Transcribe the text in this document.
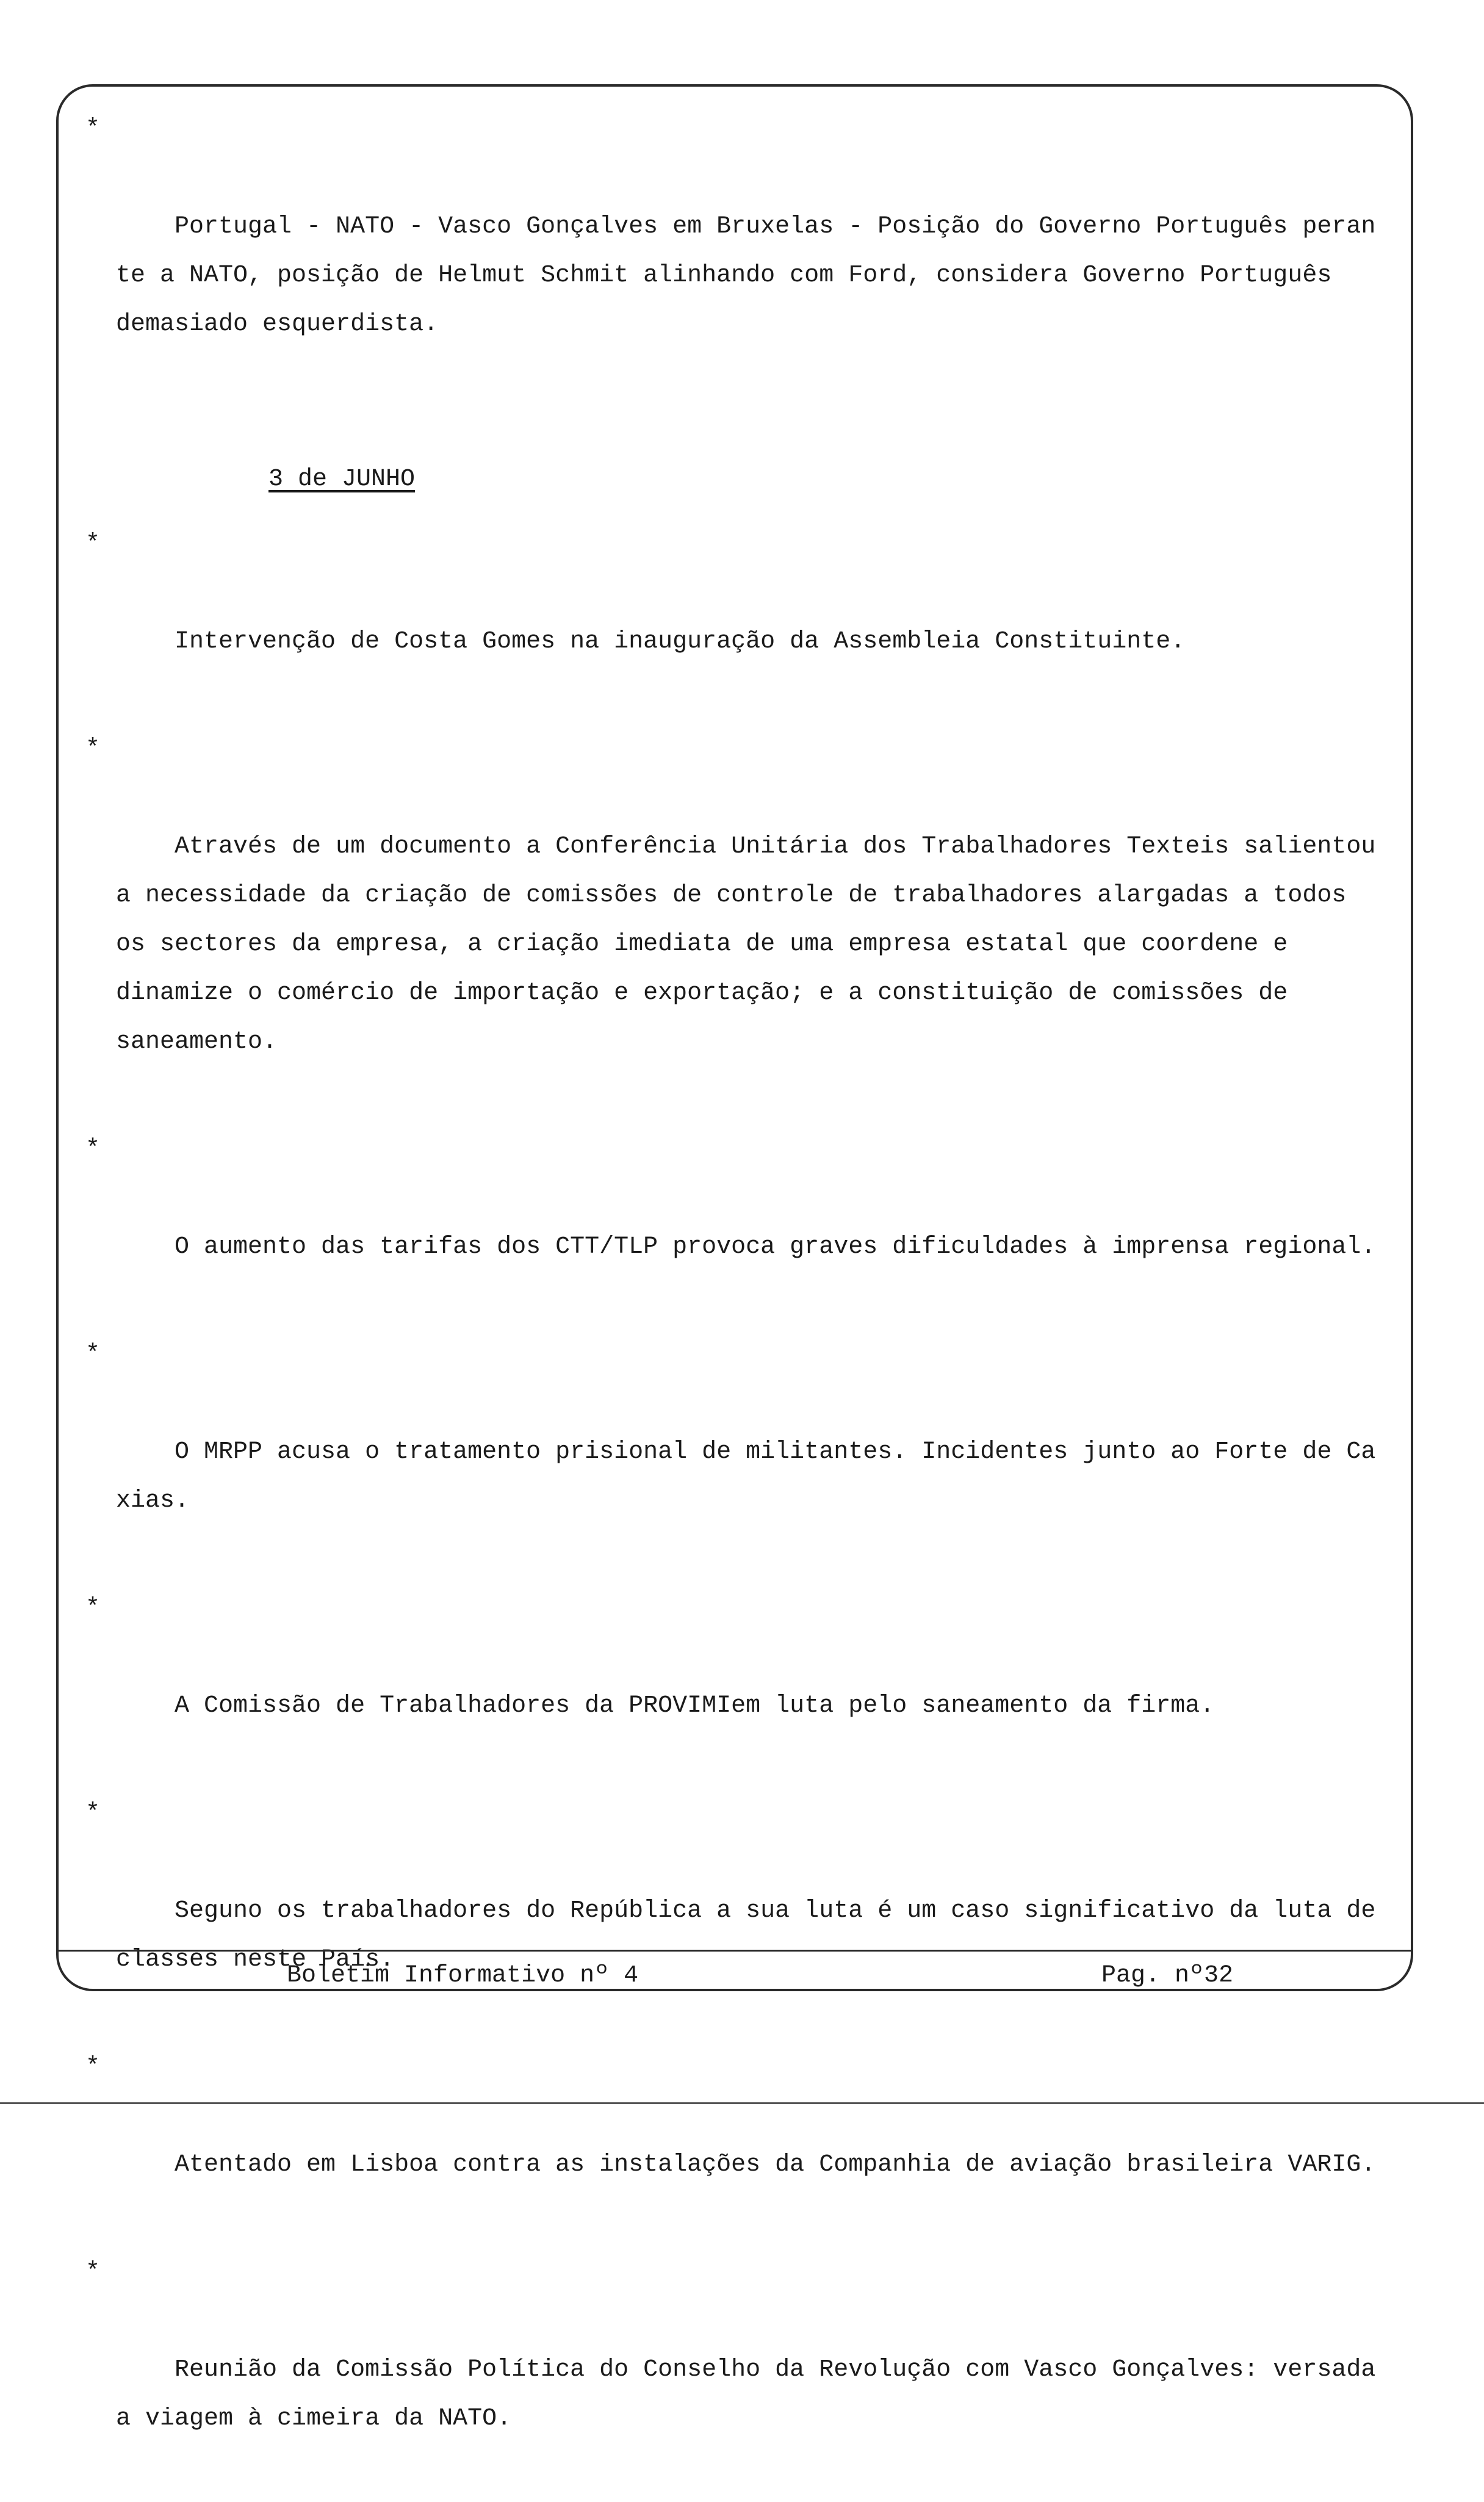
*

Portugal - NATO - Vasco Gonçalves em Bruxelas - Posição do Governo Português peran te a NATO, posição de Helmut Schmit alinhando com Ford, considera Governo Português demasiado esquerdista.

3 de JUNHO

*

Intervenção de Costa Gomes na inauguração da Assembleia Constituinte.

*

Através de um documento a Conferência Unitária dos Trabalhadores Texteis salientou a necessidade da criação de comissões de controle de trabalhadores alargadas a todos os sectores da empresa, a criação imediata de uma empresa estatal que coordene e dinamize o comércio de importação e exportação; e a constituição de comissões de saneamento.

*

O aumento das tarifas dos CTT/TLP provoca graves dificuldades à imprensa regional.

*

O MRPP acusa o tratamento prisional de militantes. Incidentes junto ao Forte de Ca xias.

*

A Comissão de Trabalhadores da PROVIMIem luta pelo saneamento da firma.

*

Seguno os trabalhadores do República a sua luta é um caso significativo da luta de classes neste País.

*

Atentado em Lisboa contra as instalações da Companhia de aviação brasileira VARIG.

*

Reunião da Comissão Política do Conselho da Revolução com Vasco Gonçalves: versada a viagem à cimeira da NATO.

Boletim Informativo nº 4	Pag. nº32
